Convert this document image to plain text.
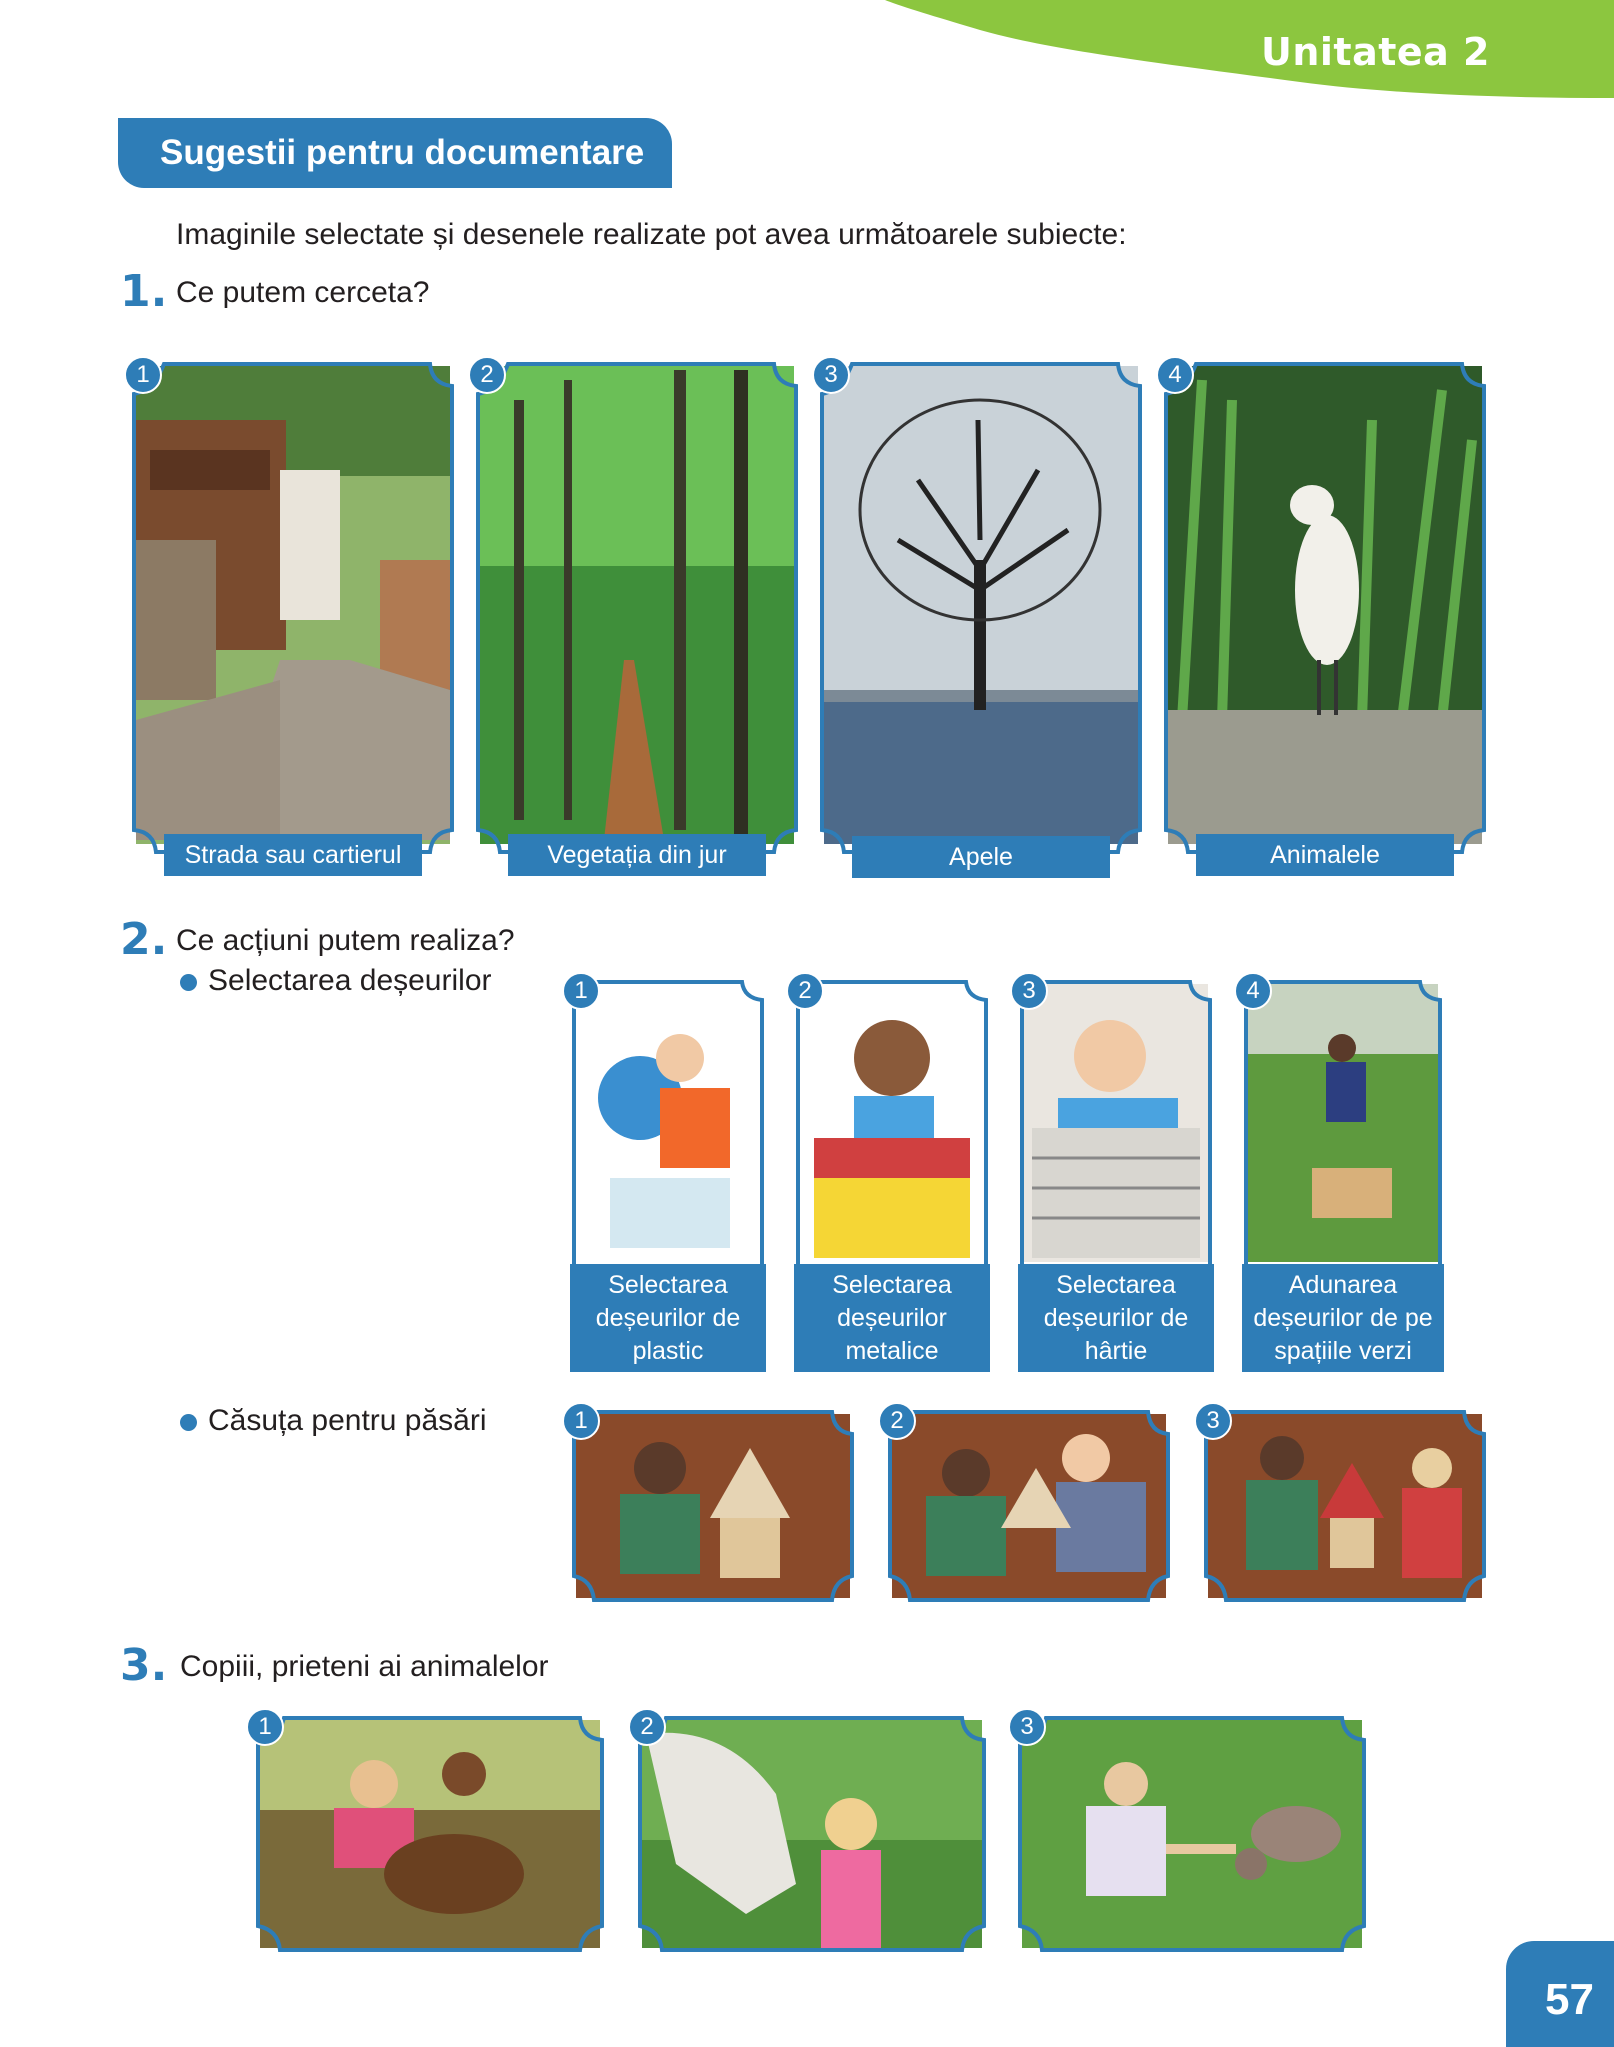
Unitatea 2
Sugestii pentru documentare
Imaginile selectate și desenele realizate pot avea următoarele subiecte:
1. Ce putem cerceta?
1
Strada sau cartierul
2
Vegetația din jur
3
Apele
4
Animalele
2. Ce acțiuni putem realiza?
Selectarea deșeurilor	1
Selectarea deșeurilor de plastic
2
Selectarea deșeurilor metalice
3
Selectarea deșeurilor de hârtie
4
Adunarea deșeurilor de pe spațiile verzi
Căsuța pentru păsări	1	2	3
3. Copiii, prieteni ai animalelor
1	2	3
57
